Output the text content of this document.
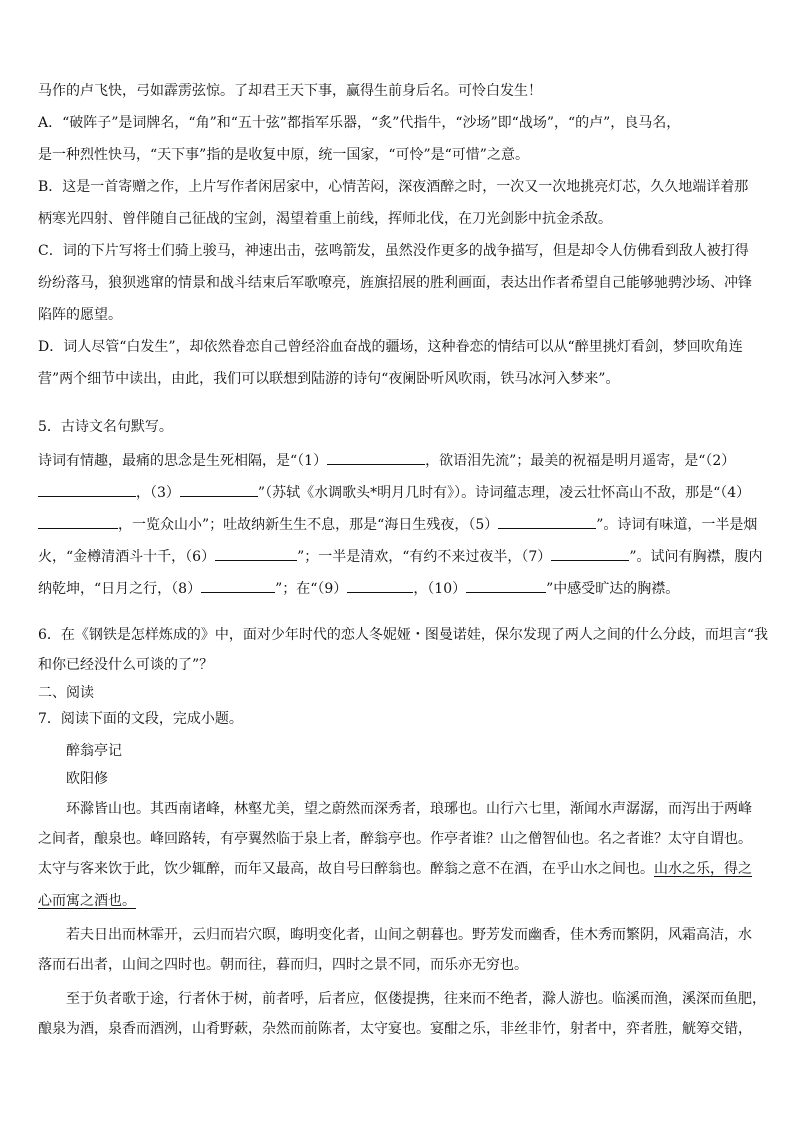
马作的卢飞快，弓如霹雳弦惊。了却君王天下事，赢得生前身后名。可怜白发生！
A．“破阵子”是词牌名，“角”和“五十弦”都指军乐器，“炙”代指牛，“沙场”即“战场”，“的卢”，良马名，
是一种烈性快马，“天下事”指的是收复中原，统一国家，“可怜”是“可惜”之意。
B．这是一首寄赠之作，上片写作者闲居家中，心情苦闷，深夜酒醉之时，一次又一次地挑亮灯芯，久久地端详着那
柄寒光四射、曾伴随自己征战的宝剑，渴望着重上前线，挥师北伐，在刀光剑影中抗金杀敌。
C．词的下片写将士们骑上骏马，神速出击，弦鸣箭发，虽然没作更多的战争描写，但是却令人仿佛看到敌人被打得
纷纷落马，狼狈逃窜的情景和战斗结束后军歌嘹亮，旌旗招展的胜利画面，表达出作者希望自己能够驰骋沙场、冲锋
陷阵的愿望。
D．词人尽管“白发生”，却依然眷恋自己曾经浴血奋战的疆场，这种眷恋的情结可以从“醉里挑灯看剑，梦回吹角连
营”两个细节中读出，由此，我们可以联想到陆游的诗句“夜阑卧听风吹雨，铁马冰河入梦来”。
5．古诗文名句默写。
诗词有情趣，最痛的思念是生死相隔，是“（1）	，欲语泪先流”；最美的祝福是明月遥寄，是“（2）
，（3）	”（苏轼《水调歌头*明月几时有》）。诗词蕴志理，凌云壮怀高山不敌，那是“（4）
，一览众山小”；吐故纳新生生不息，那是“海日生残夜，（5）	”。诗词有味道，一半是烟
火，“金樽清酒斗十千，（6）	”；一半是清欢，“有约不来过夜半，（7）	”。试问有胸襟，腹内
纳乾坤，“日月之行，（8）	”；在“（9）	，（10）	”中感受旷达的胸襟。
6．在《钢铁是怎样炼成的》中，面对少年时代的恋人冬妮娅・图曼诺娃，保尔发现了两人之间的什么分歧，而坦言“我
和你已经没什么可谈的了”？
二、阅读
7．阅读下面的文段，完成小题。
醉翁亭记
欧阳修
环滁皆山也。其西南诸峰，林壑尤美，望之蔚然而深秀者，琅琊也。山行六七里，渐闻水声潺潺，而泻出于两峰
之间者，酿泉也。峰回路转，有亭翼然临于泉上者，醉翁亭也。作亭者谁？山之僧智仙也。名之者谁？太守自谓也。
太守与客来饮于此，饮少辄醉，而年又最高，故自号曰醉翁也。醉翁之意不在酒，在乎山水之间也。山水之乐，得之
心而寓之酒也。
若夫日出而林霏开，云归而岩穴暝，晦明变化者，山间之朝暮也。野芳发而幽香，佳木秀而繁阴，风霜高洁，水
落而石出者，山间之四时也。朝而往，暮而归，四时之景不同，而乐亦无穷也。
至于负者歌于途，行者休于树，前者呼，后者应，伛偻提携，往来而不绝者，滁人游也。临溪而渔，溪深而鱼肥，
酿泉为酒，泉香而酒洌，山肴野蔌，杂然而前陈者，太守宴也。宴酣之乐，非丝非竹，射者中，弈者胜，觥筹交错，
